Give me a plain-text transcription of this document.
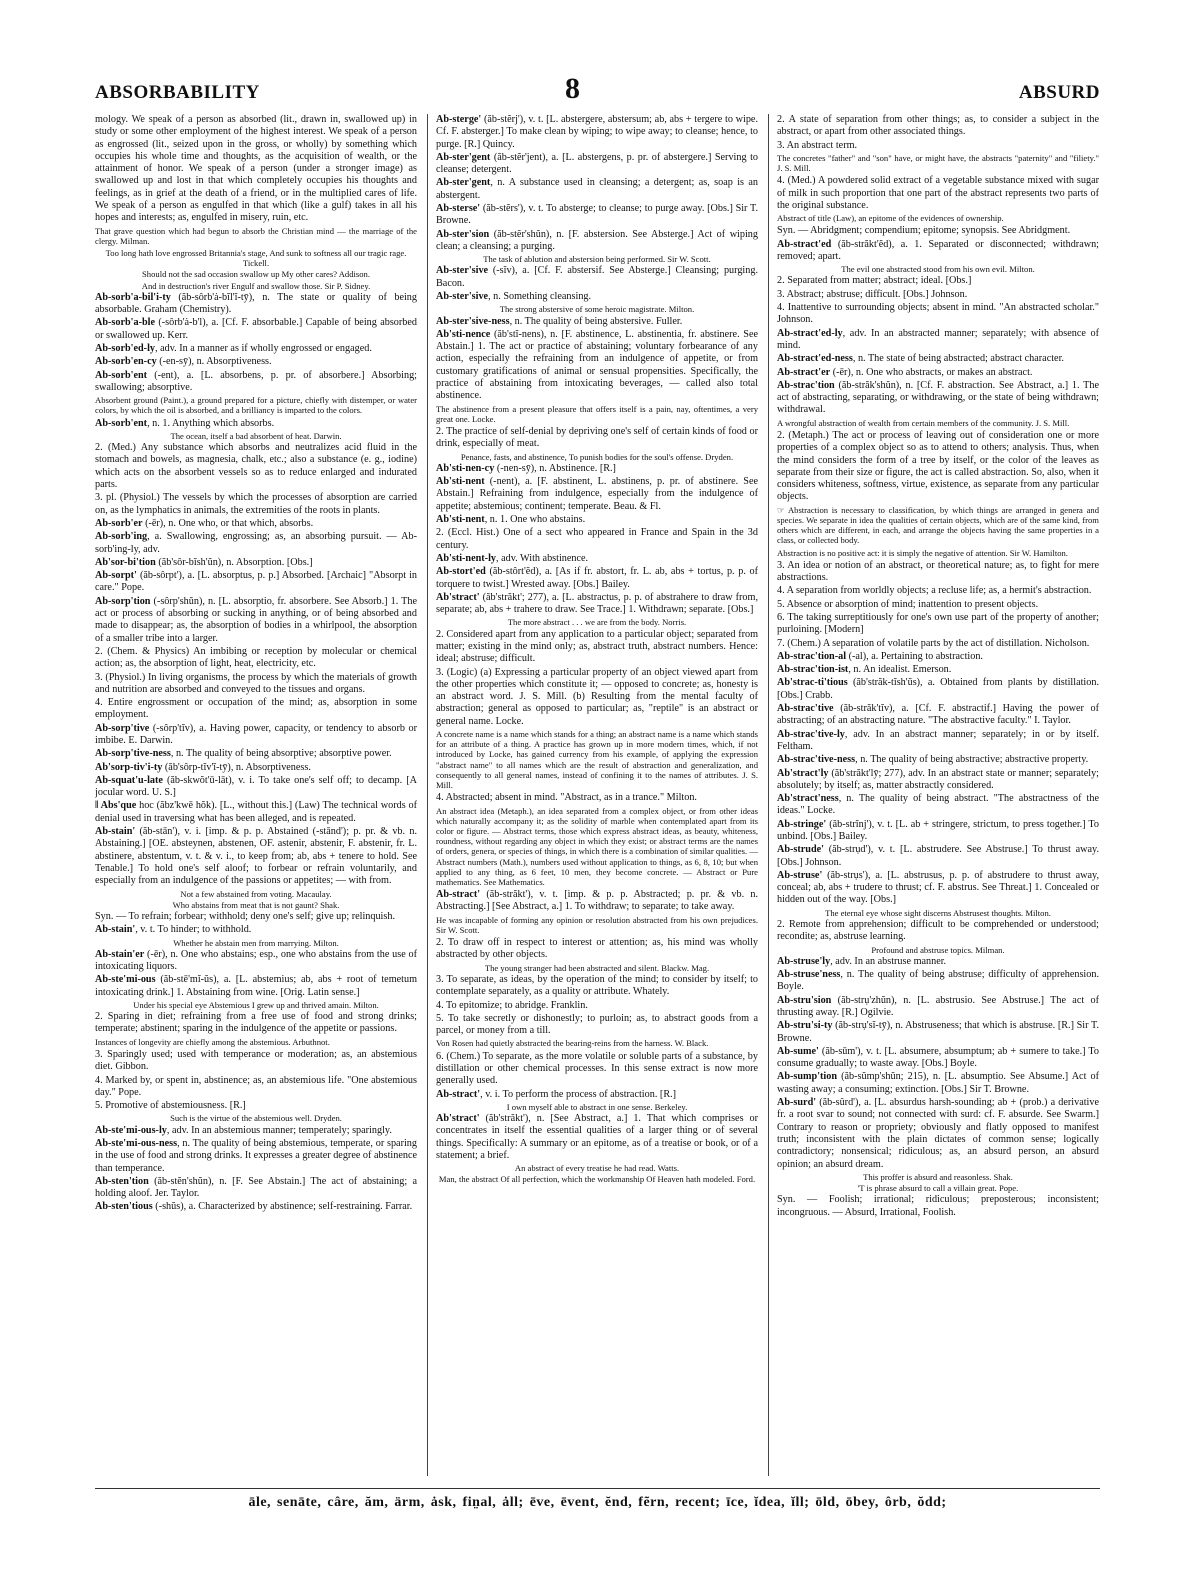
ABSORBABILITY	8	ABSURD

mology. We speak of a person as absorbed (lit., drawn in, swallowed up) in study or some other employment of the highest interest. We speak of a person as engrossed (lit., seized upon in the gross, or wholly) by something which occupies his whole time and thoughts, as the acquisition of wealth, or the attainment of honor. We speak of a person (under a stronger image) as swallowed up and lost in that which completely occupies his thoughts and feelings, as in grief at the death of a friend, or in the multiplied cares of life. We speak of a person as engulfed in that which (like a gulf) takes in all his hopes and interests; as, engulfed in misery, ruin, etc.

That grave question which had begun to absorb the Christian mind — the marriage of the clergy. Milman.

Too long hath love engrossed Britannia's stage, And sunk to softness all our tragic rage. Tickell.

Should not the sad occasion swallow up My other cares? Addison.

And in destruction's river Engulf and swallow those. Sir P. Sidney.

Ab-sorb'a-bil'i-ty (ăb-sôrb'ȧ-bĭl'ĭ-tȳ), n. The state or quality of being absorbable. Graham (Chemistry).

Ab-sorb'a-ble (-sôrb'ȧ-b'l), a. [Cf. F. absorbable.] Capable of being absorbed or swallowed up. Kerr.

Ab-sorb'ed-ly, adv. In a manner as if wholly engrossed or engaged.

Ab-sorb'en-cy (-en-sȳ), n. Absorptiveness.

Ab-sorb'ent (-ent), a. [L. absorbens, p. pr. of absorbere.] Absorbing; swallowing; absorptive.

Absorbent ground (Paint.), a ground prepared for a picture, chiefly with distemper, or water colors, by which the oil is absorbed, and a brilliancy is imparted to the colors.

Ab-sorb'ent, n. 1. Anything which absorbs.

The ocean, itself a bad absorbent of heat. Darwin.

2. (Med.) Any substance which absorbs and neutralizes acid fluid in the stomach and bowels, as magnesia, chalk, etc.; also a substance (e. g., iodine) which acts on the absorbent vessels so as to reduce enlarged and indurated parts.

3. pl. (Physiol.) The vessels by which the processes of absorption are carried on, as the lymphatics in animals, the extremities of the roots in plants.

Ab-sorb'er (-ēr), n. One who, or that which, absorbs.

Ab-sorb'ing, a. Swallowing, engrossing; as, an absorbing pursuit. — Ab-sorb'ing-ly, adv.

Ab'sor-bi'tion (ăb'sôr-bĭsh'ŭn), n. Absorption. [Obs.]

Ab-sorpt' (ăb-sôrpt'), a. [L. absorptus, p. p.] Absorbed. [Archaic] "Absorpt in care." Pope.

Ab-sorp'tion (-sôrp'shŭn), n. [L. absorptio, fr. absorbere. See Absorb.] 1. The act or process of absorbing or sucking in anything, or of being absorbed and made to disappear; as, the absorption of bodies in a whirlpool, the absorption of a smaller tribe into a larger.

2. (Chem. & Physics) An imbibing or reception by molecular or chemical action; as, the absorption of light, heat, electricity, etc.

3. (Physiol.) In living organisms, the process by which the materials of growth and nutrition are absorbed and conveyed to the tissues and organs.

4. Entire engrossment or occupation of the mind; as, absorption in some employment.

Ab-sorp'tive (-sôrp'tĭv), a. Having power, capacity, or tendency to absorb or imbibe. E. Darwin.

Ab-sorp'tive-ness, n. The quality of being absorptive; absorptive power.

Ab'sorp-tiv'i-ty (ăb'sôrp-tĭv'ĭ-tȳ), n. Absorptiveness.

Ab-squat'u-late (ăb-skwŏt'ū-lāt), v. i. To take one's self off; to decamp. [A jocular word. U. S.]

‖ Abs'que hoc (ăbz'kwē hŏk). [L., without this.] (Law) The technical words of denial used in traversing what has been alleged, and is repeated.

Ab-stain' (ăb-stān'), v. i. [imp. & p. p. Abstained (-stānd'); p. pr. & vb. n. Abstaining.] [OE. absteynen, abstenen, OF. astenir, abstenir, F. abstenir, fr. L. abstinere, abstentum, v. t. & v. i., to keep from; ab, abs + tenere to hold. See Tenable.] To hold one's self aloof; to forbear or refrain voluntarily, and especially from an indulgence of the passions or appetites; — with from.

Not a few abstained from voting. Macaulay.

Who abstains from meat that is not gaunt? Shak.

Syn. — To refrain; forbear; withhold; deny one's self; give up; relinquish.

Ab-stain', v. t. To hinder; to withhold.

Whether he abstain men from marrying. Milton.

Ab-stain'er (-ēr), n. One who abstains; esp., one who abstains from the use of intoxicating liquors.

Ab-ste'mi-ous (ăb-stē'mĭ-ŭs), a. [L. abstemius; ab, abs + root of temetum intoxicating drink.] 1. Abstaining from wine. [Orig. Latin sense.]

Under his special eye Abstemious I grew up and thrived amain. Milton.

2. Sparing in diet; refraining from a free use of food and strong drinks; temperate; abstinent; sparing in the indulgence of the appetite or passions.

Instances of longevity are chiefly among the abstemious. Arbuthnot.

3. Sparingly used; used with temperance or moderation; as, an abstemious diet. Gibbon.

4. Marked by, or spent in, abstinence; as, an abstemious life. "One abstemious day." Pope.

5. Promotive of abstemiousness. [R.]

Such is the virtue of the abstemious well. Dryden.

Ab-ste'mi-ous-ly, adv. In an abstemious manner; temperately; sparingly.

Ab-ste'mi-ous-ness, n. The quality of being abstemious, temperate, or sparing in the use of food and strong drinks. It expresses a greater degree of abstinence than temperance.

Ab-sten'tion (ăb-stĕn'shŭn), n. [F. See Abstain.] The act of abstaining; a holding aloof. Jer. Taylor.

Ab-sten'tious (-shŭs), a. Characterized by abstinence; self-restraining. Farrar.

Ab-sterge' (ăb-stẽrj'), v. t. [L. abstergere, abstersum; ab, abs + tergere to wipe. Cf. F. absterger.] To make clean by wiping; to wipe away; to cleanse; hence, to purge. [R.] Quincy.

Ab-ster'gent (ăb-stẽr'jent), a. [L. abstergens, p. pr. of abstergere.] Serving to cleanse; detergent.

Ab-ster'gent, n. A substance used in cleansing; a detergent; as, soap is an abstergent.

Ab-sterse' (ăb-stẽrs'), v. t. To absterge; to cleanse; to purge away. [Obs.] Sir T. Browne.

Ab-ster'sion (ăb-stẽr'shŭn), n. [F. abstersion. See Absterge.] Act of wiping clean; a cleansing; a purging.

The task of ablution and abstersion being performed. Sir W. Scott.

Ab-ster'sive (-sĭv), a. [Cf. F. abstersif. See Absterge.] Cleansing; purging. Bacon.

Ab-ster'sive, n. Something cleansing.

The strong abstersive of some heroic magistrate. Milton.

Ab-ster'sive-ness, n. The quality of being abstersive. Fuller.

Ab'sti-nence (ăb'stĭ-nens), n. [F. abstinence, L. abstinentia, fr. abstinere. See Abstain.] 1. The act or practice of abstaining; voluntary forbearance of any action, especially the refraining from an indulgence of appetite, or from customary gratifications of animal or sensual propensities. Specifically, the practice of abstaining from intoxicating beverages, — called also total abstinence.

The abstinence from a present pleasure that offers itself is a pain, nay, oftentimes, a very great one. Locke.

2. The practice of self-denial by depriving one's self of certain kinds of food or drink, especially of meat.

Penance, fasts, and abstinence, To punish bodies for the soul's offense. Dryden.

Ab'sti-nen-cy (-nen-sȳ), n. Abstinence. [R.]

Ab'sti-nent (-nent), a. [F. abstinent, L. abstinens, p. pr. of abstinere. See Abstain.] Refraining from indulgence, especially from the indulgence of appetite; abstemious; continent; temperate. Beau. & Fl.

Ab'sti-nent, n. 1. One who abstains.

2. (Eccl. Hist.) One of a sect who appeared in France and Spain in the 3d century.

Ab'sti-nent-ly, adv. With abstinence.

Ab-stort'ed (ăb-stôrt'ĕd), a. [As if fr. abstort, fr. L. ab, abs + tortus, p. p. of torquere to twist.] Wrested away. [Obs.] Bailey.

Ab'stract' (ăb'străkt'; 277), a. [L. abstractus, p. p. of abstrahere to draw from, separate; ab, abs + trahere to draw. See Trace.] 1. Withdrawn; separate. [Obs.]

The more abstract . . . we are from the body. Norris.

2. Considered apart from any application to a particular object; separated from matter; existing in the mind only; as, abstract truth, abstract numbers. Hence: ideal; abstruse; difficult.

3. (Logic) (a) Expressing a particular property of an object viewed apart from the other properties which constitute it; — opposed to concrete; as, honesty is an abstract word. J. S. Mill. (b) Resulting from the mental faculty of abstraction; general as opposed to particular; as, "reptile" is an abstract or general name. Locke.

A concrete name is a name which stands for a thing; an abstract name is a name which stands for an attribute of a thing. A practice has grown up in more modern times, which, if not introduced by Locke, has gained currency from his example, of applying the expression "abstract name" to all names which are the result of abstraction and generalization, and consequently to all general names, instead of confining it to the names of attributes. J. S. Mill.

4. Abstracted; absent in mind. "Abstract, as in a trance." Milton.

An abstract idea (Metaph.), an idea separated from a complex object, or from other ideas which naturally accompany it; as the solidity of marble when contemplated apart from its color or figure. — Abstract terms, those which express abstract ideas, as beauty, whiteness, roundness, without regarding any object in which they exist; or abstract terms are the names of orders, genera, or species of things, in which there is a combination of similar qualities. — Abstract numbers (Math.), numbers used without application to things, as 6, 8, 10; but when applied to any thing, as 6 feet, 10 men, they become concrete. — Abstract or Pure mathematics. See Mathematics.

Ab-stract' (ăb-străkt'), v. t. [imp. & p. p. Abstracted; p. pr. & vb. n. Abstracting.] [See Abstract, a.] 1. To withdraw; to separate; to take away.

He was incapable of forming any opinion or resolution abstracted from his own prejudices. Sir W. Scott.

2. To draw off in respect to interest or attention; as, his mind was wholly abstracted by other objects.

The young stranger had been abstracted and silent. Blackw. Mag.

3. To separate, as ideas, by the operation of the mind; to consider by itself; to contemplate separately, as a quality or attribute. Whately.

4. To epitomize; to abridge. Franklin.

5. To take secretly or dishonestly; to purloin; as, to abstract goods from a parcel, or money from a till.

Von Rosen had quietly abstracted the bearing-reins from the harness. W. Black.

6. (Chem.) To separate, as the more volatile or soluble parts of a substance, by distillation or other chemical processes. In this sense extract is now more generally used.

Ab-stract', v. i. To perform the process of abstraction. [R.]

I own myself able to abstract in one sense. Berkeley.

Ab'stract' (ăb'străkt'), n. [See Abstract, a.] 1. That which comprises or concentrates in itself the essential qualities of a larger thing or of several things. Specifically: A summary or an epitome, as of a treatise or book, or of a statement; a brief.

An abstract of every treatise he had read. Watts.

Man, the abstract Of all perfection, which the workmanship Of Heaven hath modeled. Ford.

2. A state of separation from other things; as, to consider a subject in the abstract, or apart from other associated things.

3. An abstract term.

The concretes "father" and "son" have, or might have, the abstracts "paternity" and "filiety." J. S. Mill.

4. (Med.) A powdered solid extract of a vegetable substance mixed with sugar of milk in such proportion that one part of the abstract represents two parts of the original substance.

Abstract of title (Law), an epitome of the evidences of ownership.

Syn. — Abridgment; compendium; epitome; synopsis. See Abridgment.

Ab-stract'ed (ăb-străkt'ĕd), a. 1. Separated or disconnected; withdrawn; removed; apart.

The evil one abstracted stood from his own evil. Milton.

2. Separated from matter; abstract; ideal. [Obs.]

3. Abstract; abstruse; difficult. [Obs.] Johnson.

4. Inattentive to surrounding objects; absent in mind. "An abstracted scholar." Johnson.

Ab-stract'ed-ly, adv. In an abstracted manner; separately; with absence of mind.

Ab-stract'ed-ness, n. The state of being abstracted; abstract character.

Ab-stract'er (-ēr), n. One who abstracts, or makes an abstract.

Ab-strac'tion (ăb-străk'shŭn), n. [Cf. F. abstraction. See Abstract, a.] 1. The act of abstracting, separating, or withdrawing, or the state of being withdrawn; withdrawal.

A wrongful abstraction of wealth from certain members of the community. J. S. Mill.

2. (Metaph.) The act or process of leaving out of consideration one or more properties of a complex object so as to attend to others; analysis. Thus, when the mind considers the form of a tree by itself, or the color of the leaves as separate from their size or figure, the act is called abstraction. So, also, when it considers whiteness, softness, virtue, existence, as separate from any particular objects.

☞ Abstraction is necessary to classification, by which things are arranged in genera and species. We separate in idea the qualities of certain objects, which are of the same kind, from others which are different, in each, and arrange the objects having the same properties in a class, or collected body.

Abstraction is no positive act: it is simply the negative of attention. Sir W. Hamilton.

3. An idea or notion of an abstract, or theoretical nature; as, to fight for mere abstractions.

4. A separation from worldly objects; a recluse life; as, a hermit's abstraction.

5. Absence or absorption of mind; inattention to present objects.

6. The taking surreptitiously for one's own use part of the property of another; purloining. [Modern]

7. (Chem.) A separation of volatile parts by the act of distillation. Nicholson.

Ab-strac'tion-al (-al), a. Pertaining to abstraction.

Ab-strac'tion-ist, n. An idealist. Emerson.

Ab'strac-ti'tious (ăb'străk-tĭsh'ŭs), a. Obtained from plants by distillation. [Obs.] Crabb.

Ab-strac'tive (ăb-străk'tĭv), a. [Cf. F. abstractif.] Having the power of abstracting; of an abstracting nature. "The abstractive faculty." I. Taylor.

Ab-strac'tive-ly, adv. In an abstract manner; separately; in or by itself. Feltham.

Ab-strac'tive-ness, n. The quality of being abstractive; abstractive property.

Ab'stract'ly (ăb'străkt'lȳ; 277), adv. In an abstract state or manner; separately; absolutely; by itself; as, matter abstractly considered.

Ab'stract'ness, n. The quality of being abstract. "The abstractness of the ideas." Locke.

Ab-stringe' (ăb-strĭnj'), v. t. [L. ab + stringere, strictum, to press together.] To unbind. [Obs.] Bailey.

Ab-strude' (ăb-strụd'), v. t. [L. abstrudere. See Abstruse.] To thrust away. [Obs.] Johnson.

Ab-struse' (ăb-strụs'), a. [L. abstrusus, p. p. of abstrudere to thrust away, conceal; ab, abs + trudere to thrust; cf. F. abstrus. See Threat.] 1. Concealed or hidden out of the way. [Obs.]

The eternal eye whose sight discerns Abstrusest thoughts. Milton.

2. Remote from apprehension; difficult to be comprehended or understood; recondite; as, abstruse learning.

Profound and abstruse topics. Milman.

Ab-struse'ly, adv. In an abstruse manner.

Ab-struse'ness, n. The quality of being abstruse; difficulty of apprehension. Boyle.

Ab-stru'sion (ăb-strụ'zhŭn), n. [L. abstrusio. See Abstruse.] The act of thrusting away. [R.] Ogilvie.

Ab-stru'si-ty (ăb-strụ'sĭ-tȳ), n. Abstruseness; that which is abstruse. [R.] Sir T. Browne.

Ab-sume' (ăb-sūm'), v. t. [L. absumere, absumptum; ab + sumere to take.] To consume gradually; to waste away. [Obs.] Boyle.

Ab-sump'tion (ăb-sŭmp'shŭn; 215), n. [L. absumptio. See Absume.] Act of wasting away; a consuming; extinction. [Obs.] Sir T. Browne.

Ab-surd' (ăb-sûrd'), a. [L. absurdus harsh-sounding; ab + (prob.) a derivative fr. a root svar to sound; not connected with surd: cf. F. absurde. See Swarm.] Contrary to reason or propriety; obviously and flatly opposed to manifest truth; inconsistent with the plain dictates of common sense; logically contradictory; nonsensical; ridiculous; as, an absurd person, an absurd opinion; an absurd dream.

This proffer is absurd and reasonless. Shak.

'T is phrase absurd to call a villain great. Pope.

Syn. — Foolish; irrational; ridiculous; preposterous; inconsistent; incongruous. — Absurd, Irrational, Foolish.

āle, senāte, câre, ăm, ärm, ȧsk, fin̤al, ȧll; ēve, ēvent, ĕnd, fẽrn, recent; īce, ĭdea, ĭll; ōld, ōbey, ôrb, ŏdd;
